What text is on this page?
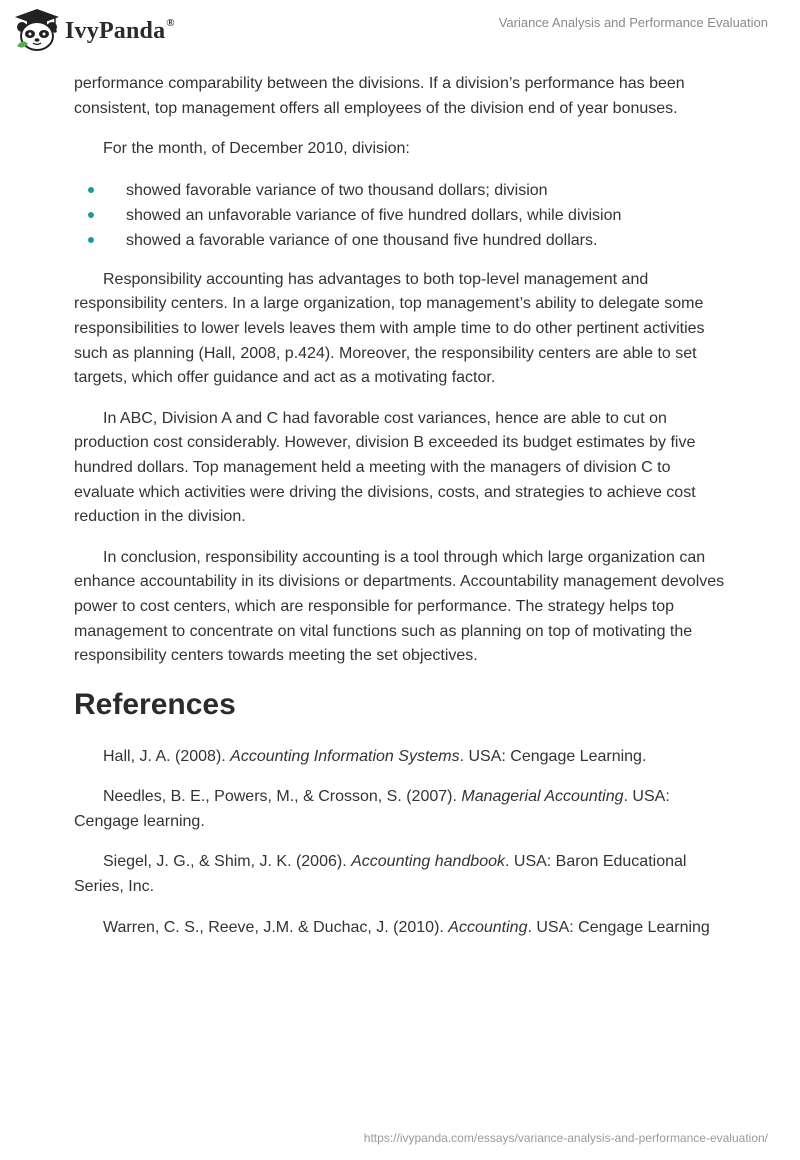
IvyPanda®	Variance Analysis and Performance Evaluation

performance comparability between the divisions. If a division’s performance has been consistent, top management offers all employees of the division end of year bonuses.

For the month, of December 2010, division:

showed favorable variance of two thousand dollars; division
showed an unfavorable variance of five hundred dollars, while division
showed a favorable variance of one thousand five hundred dollars.

Responsibility accounting has advantages to both top-level management and responsibility centers. In a large organization, top management’s ability to delegate some responsibilities to lower levels leaves them with ample time to do other pertinent activities such as planning (Hall, 2008, p.424). Moreover, the responsibility centers are able to set targets, which offer guidance and act as a motivating factor.

In ABC, Division A and C had favorable cost variances, hence are able to cut on production cost considerably. However, division B exceeded its budget estimates by five hundred dollars. Top management held a meeting with the managers of division C to evaluate which activities were driving the divisions, costs, and strategies to achieve cost reduction in the division.

In conclusion, responsibility accounting is a tool through which large organization can enhance accountability in its divisions or departments. Accountability management devolves power to cost centers, which are responsible for performance. The strategy helps top management to concentrate on vital functions such as planning on top of motivating the responsibility centers towards meeting the set objectives.

References

Hall, J. A. (2008). Accounting Information Systems. USA: Cengage Learning.

Needles, B. E., Powers, M., & Crosson, S. (2007). Managerial Accounting. USA: Cengage learning.

Siegel, J. G., & Shim, J. K. (2006). Accounting handbook. USA: Baron Educational Series, Inc.

Warren, C. S., Reeve, J.M. & Duchac, J. (2010). Accounting. USA: Cengage Learning

https://ivypanda.com/essays/variance-analysis-and-performance-evaluation/
